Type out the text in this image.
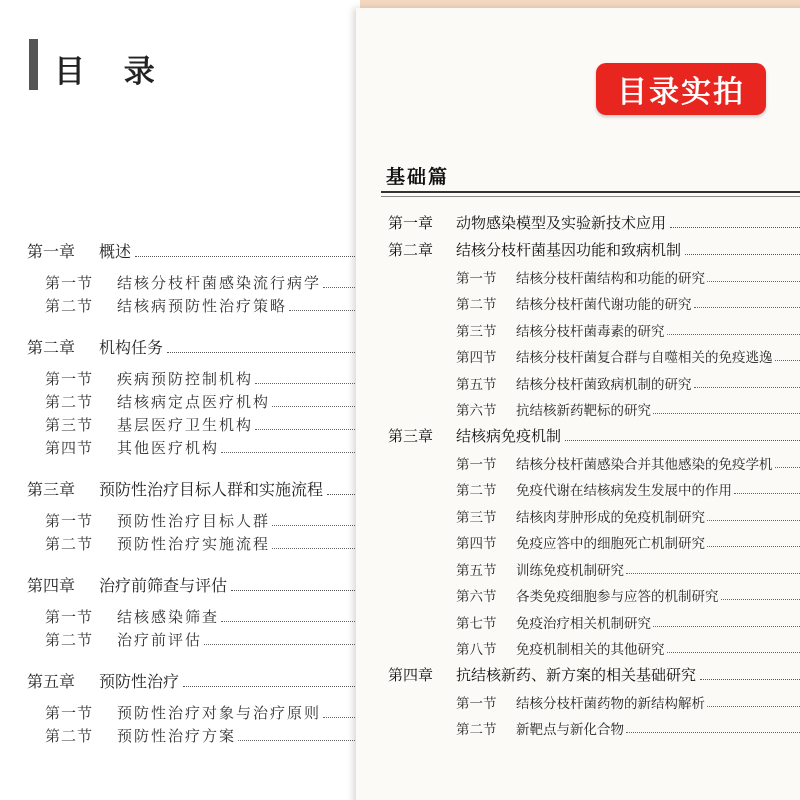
目 录
第一章	概述
第一节	结核分枝杆菌感染流行病学
第二节	结核病预防性治疗策略
第二章	机构任务
第一节	疾病预防控制机构
第二节	结核病定点医疗机构
第三节	基层医疗卫生机构
第四节	其他医疗机构
第三章	预防性治疗目标人群和实施流程
第一节	预防性治疗目标人群
第二节	预防性治疗实施流程
第四章	治疗前筛查与评估
第一节	结核感染筛查
第二节	治疗前评估
第五章	预防性治疗
第一节	预防性治疗对象与治疗原则
第二节	预防性治疗方案
目录实拍
基础篇
第一章	动物感染模型及实验新技术应用
第二章	结核分枝杆菌基因功能和致病机制
第一节	结核分枝杆菌结构和功能的研究
第二节	结核分枝杆菌代谢功能的研究
第三节	结核分枝杆菌毒素的研究
第四节	结核分枝杆菌复合群与自噬相关的免疫逃逸
第五节	结核分枝杆菌致病机制的研究
第六节	抗结核新药靶标的研究
第三章	结核病免疫机制
第一节	结核分枝杆菌感染合并其他感染的免疫学机
第二节	免疫代谢在结核病发生发展中的作用
第三节	结核肉芽肿形成的免疫机制研究
第四节	免疫应答中的细胞死亡机制研究
第五节	训练免疫机制研究
第六节	各类免疫细胞参与应答的机制研究
第七节	免疫治疗相关机制研究
第八节	免疫机制相关的其他研究
第四章	抗结核新药、新方案的相关基础研究
第一节	结核分枝杆菌药物的新结构解析
第二节	新靶点与新化合物
